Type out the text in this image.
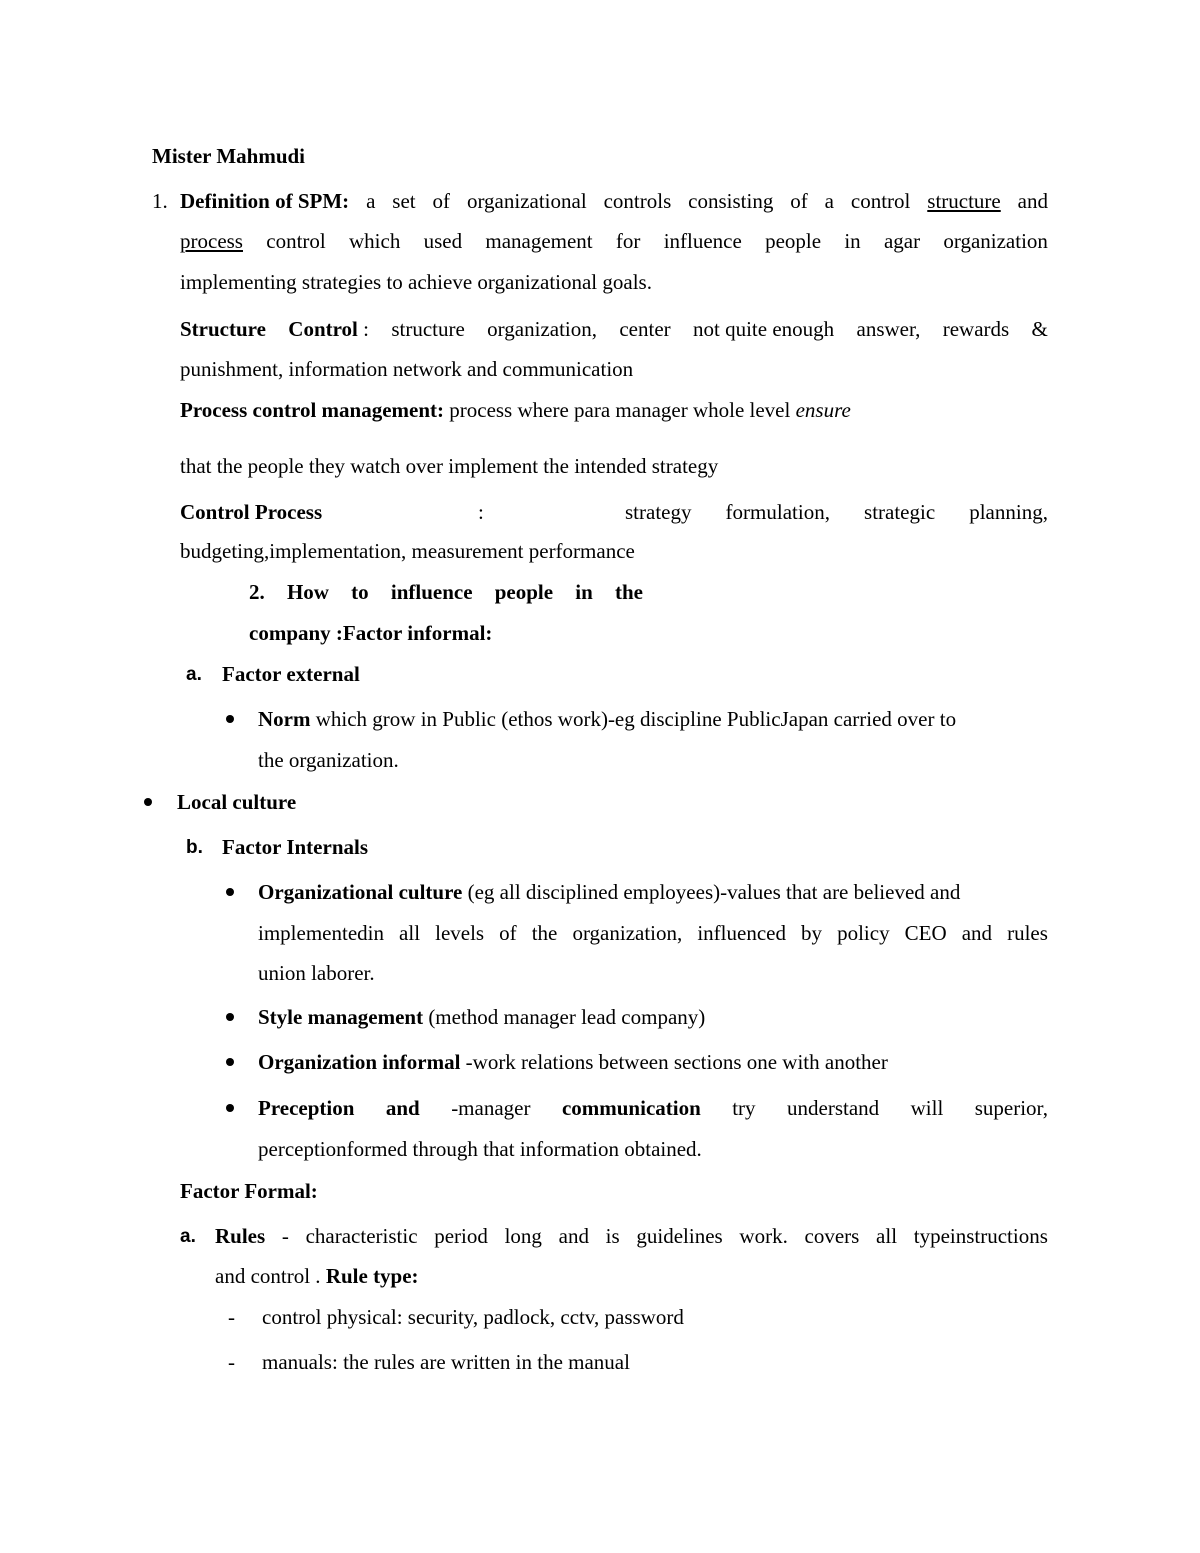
Mister Mahmudi
1. Definition of SPM: a set of organizational controls consisting of a control structure and
process control which used management for influence people in agar organization
implementing strategies to achieve organizational goals.
Structure Control : structure organization, center not quite enough answer, rewards &
punishment, information network and communication
Process control management: process where para manager whole level ensure
that the people they watch over implement the intended strategy
Control Process	:	strategy formulation, strategic planning,
budgeting,implementation, measurement performance
2. How to influence people in the
company :Factor informal:
a. Factor external
Norm which grow in Public (ethos work)-eg discipline PublicJapan carried over to
the organization.
Local culture
b. Factor Internals
Organizational culture (eg all disciplined employees)-values that are believed and
implementedin all levels of the organization, influenced by policy CEO and rules
union laborer.
Style management (method manager lead company)
Organization informal -work relations between sections one with another
Preception and -manager communication try understand will superior,
perceptionformed through that information obtained.
Factor Formal:
a. Rules - characteristic period long and is guidelines work. covers all typeinstructions
and control . Rule type:
- control physical: security, padlock, cctv, password
- manuals: the rules are written in the manual
